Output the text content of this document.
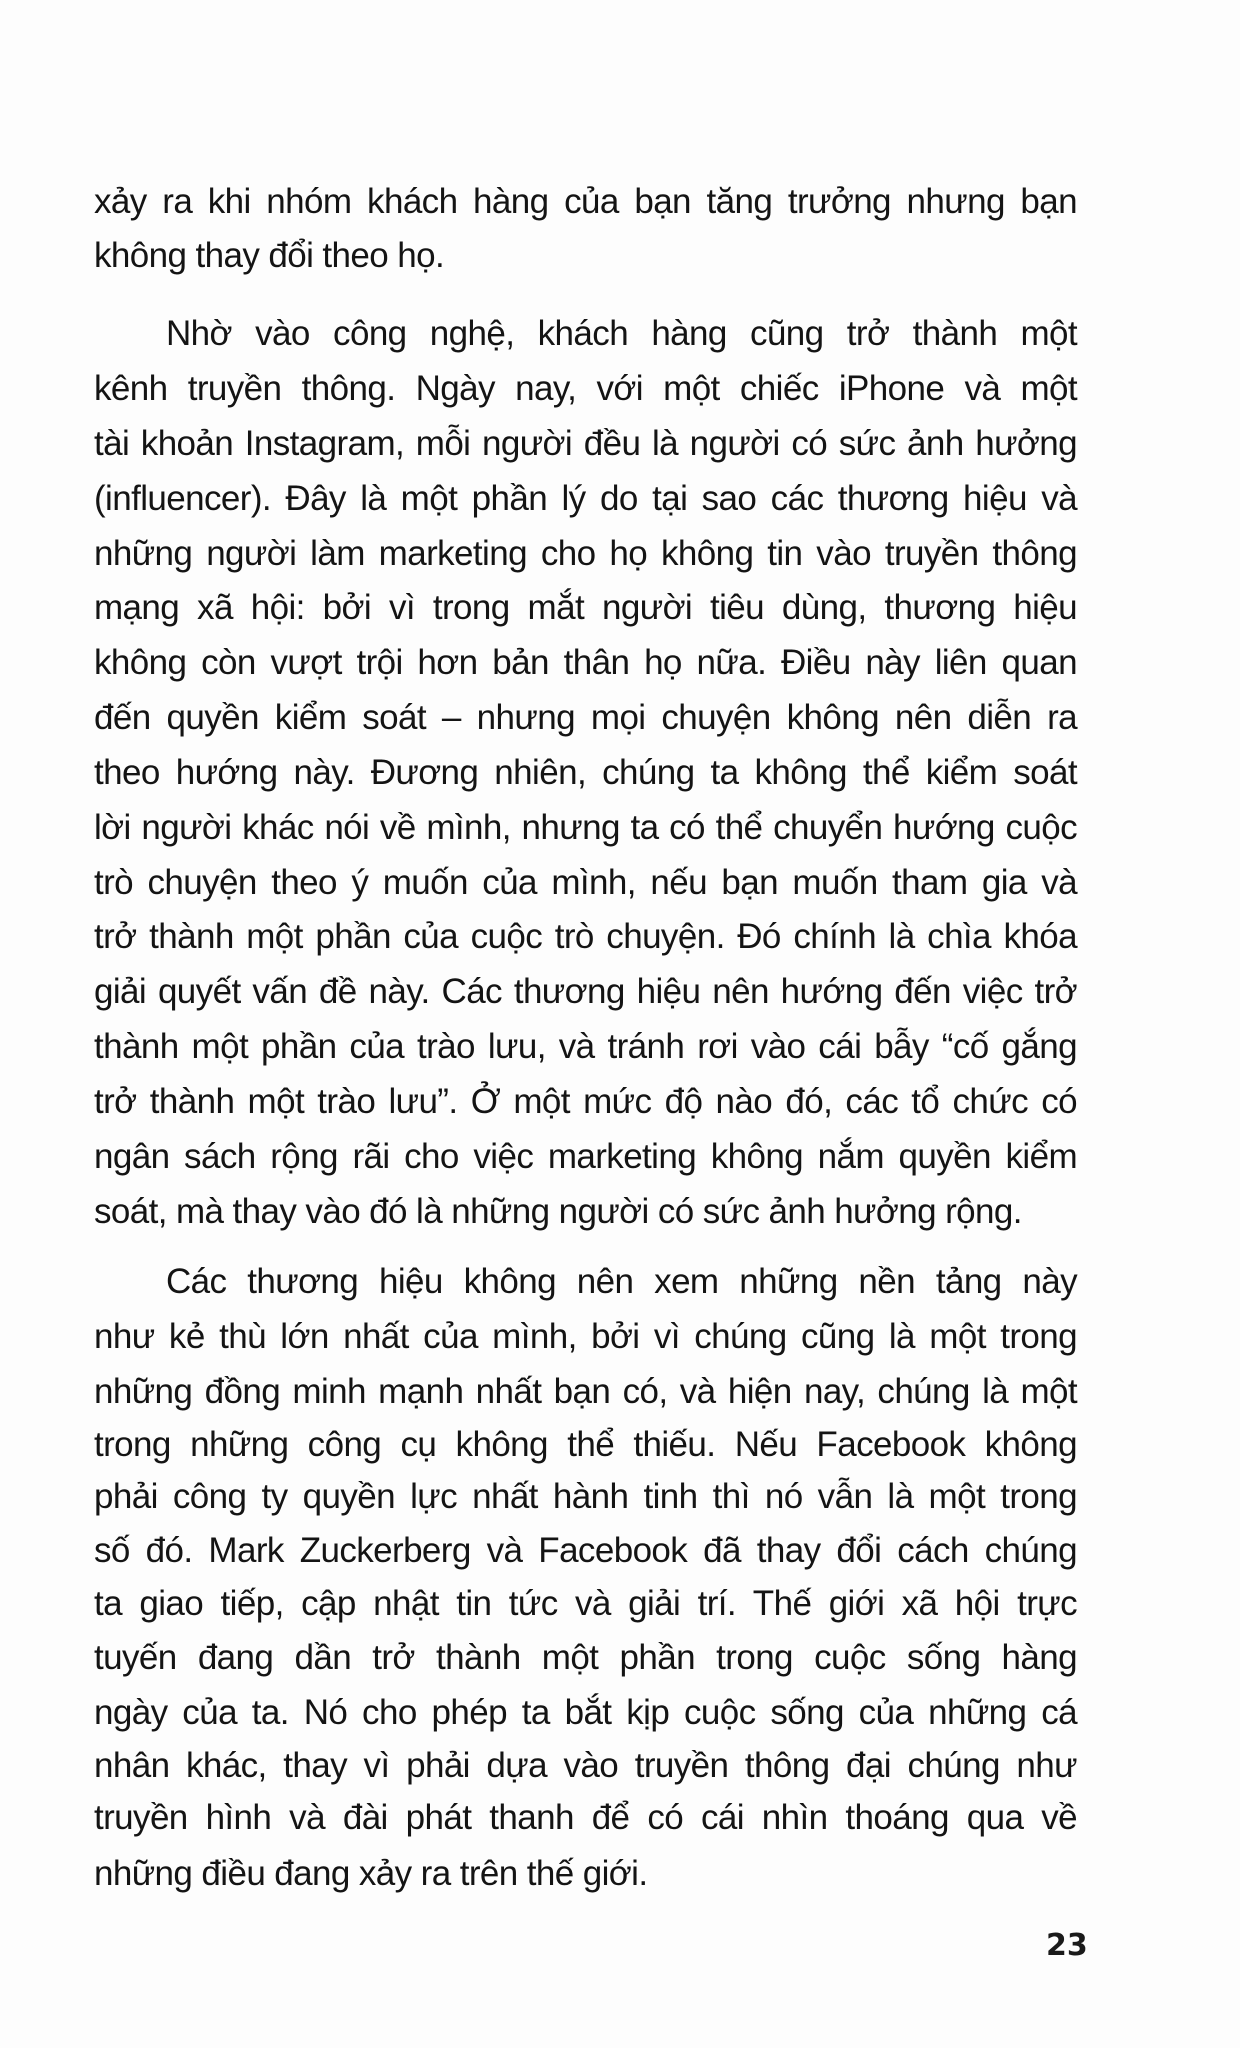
xảy ra khi nhóm khách hàng của bạn tăng trưởng nhưng bạn
không thay đổi theo họ.
Nhờ vào công nghệ, khách hàng cũng trở thành một
kênh truyền thông. Ngày nay, với một chiếc iPhone và một
tài khoản Instagram, mỗi người đều là người có sức ảnh hưởng
(influencer). Đây là một phần lý do tại sao các thương hiệu và
những người làm marketing cho họ không tin vào truyền thông
mạng xã hội: bởi vì trong mắt người tiêu dùng, thương hiệu
không còn vượt trội hơn bản thân họ nữa. Điều này liên quan
đến quyền kiểm soát – nhưng mọi chuyện không nên diễn ra
theo hướng này. Đương nhiên, chúng ta không thể kiểm soát
lời người khác nói về mình, nhưng ta có thể chuyển hướng cuộc
trò chuyện theo ý muốn của mình, nếu bạn muốn tham gia và
trở thành một phần của cuộc trò chuyện. Đó chính là chìa khóa
giải quyết vấn đề này. Các thương hiệu nên hướng đến việc trở
thành một phần của trào lưu, và tránh rơi vào cái bẫy “cố gắng
trở thành một trào lưu”. Ở một mức độ nào đó, các tổ chức có
ngân sách rộng rãi cho việc marketing không nắm quyền kiểm
soát, mà thay vào đó là những người có sức ảnh hưởng rộng.
Các thương hiệu không nên xem những nền tảng này
như kẻ thù lớn nhất của mình, bởi vì chúng cũng là một trong
những đồng minh mạnh nhất bạn có, và hiện nay, chúng là một
trong những công cụ không thể thiếu. Nếu Facebook không
phải công ty quyền lực nhất hành tinh thì nó vẫn là một trong
số đó. Mark Zuckerberg và Facebook đã thay đổi cách chúng
ta giao tiếp, cập nhật tin tức và giải trí. Thế giới xã hội trực
tuyến đang dần trở thành một phần trong cuộc sống hàng
ngày của ta. Nó cho phép ta bắt kịp cuộc sống của những cá
nhân khác, thay vì phải dựa vào truyền thông đại chúng như
truyền hình và đài phát thanh để có cái nhìn thoáng qua về
những điều đang xảy ra trên thế giới.
23
